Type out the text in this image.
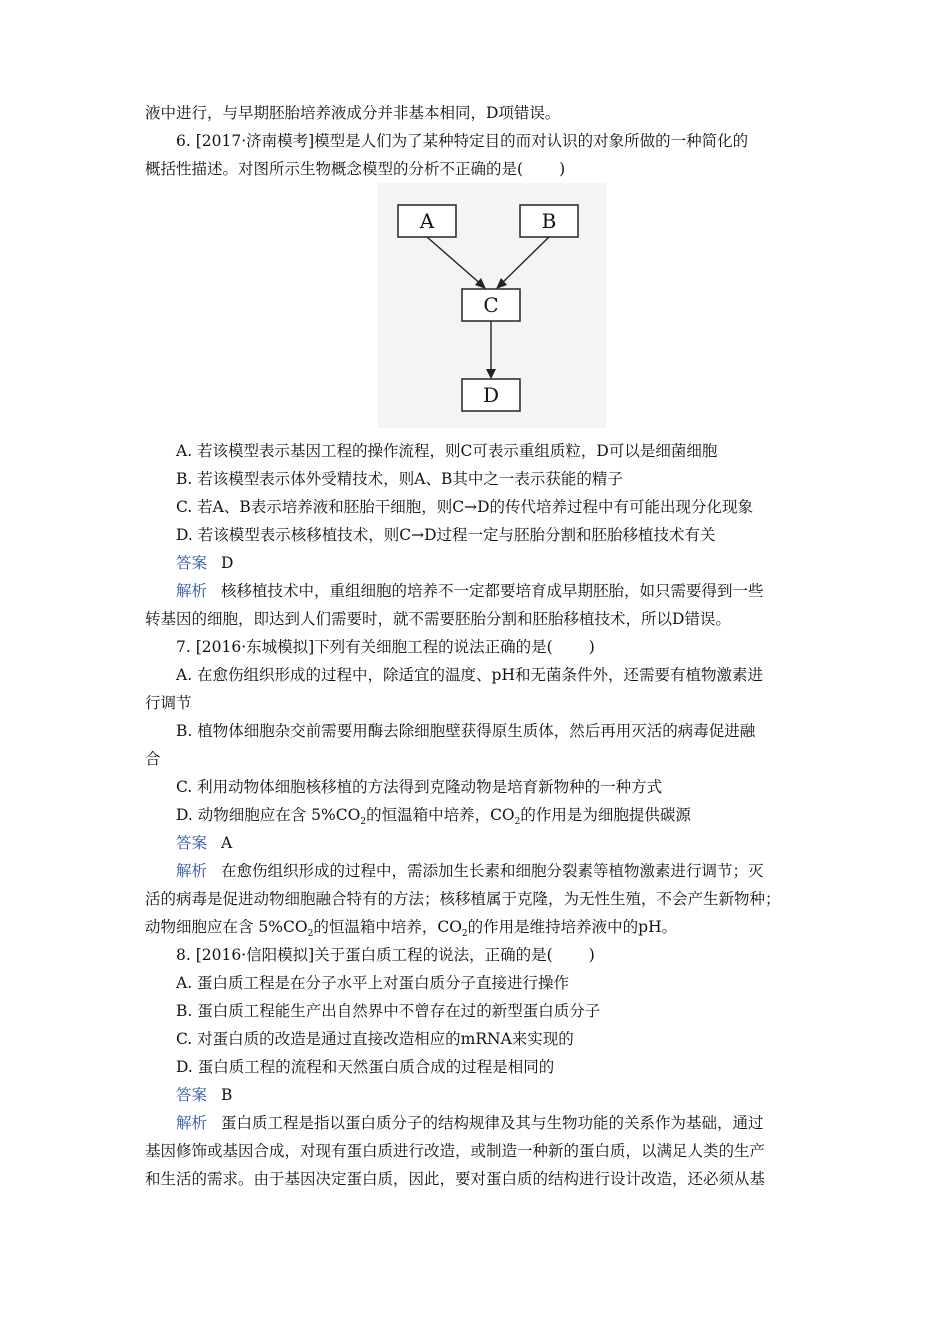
液中进行，与早期胚胎培养液成分并非基本相同，D项错误。
6. [2017·济南模考]模型是人们为了某种特定目的而对认识的对象所做的一种简化的
概括性描述。对图所示生物概念模型的分析不正确的是( )
A	B
C
D
A. 若该模型表示基因工程的操作流程，则C可表示重组质粒，D可以是细菌细胞
B. 若该模型表示体外受精技术，则A、B其中之一表示获能的精子
C. 若A、B表示培养液和胚胎干细胞，则C→D的传代培养过程中有可能出现分化现象
D. 若该模型表示核移植技术，则C→D过程一定与胚胎分割和胚胎移植技术有关
答案 D
解析 核移植技术中，重组细胞的培养不一定都要培育成早期胚胎，如只需要得到一些
转基因的细胞，即达到人们需要时，就不需要胚胎分割和胚胎移植技术，所以D错误。
7. [2016·东城模拟]下列有关细胞工程的说法正确的是( )
A. 在愈伤组织形成的过程中，除适宜的温度、pH和无菌条件外，还需要有植物激素进
行调节
B. 植物体细胞杂交前需要用酶去除细胞壁获得原生质体，然后再用灭活的病毒促进融
合
C. 利用动物体细胞核移植的方法得到克隆动物是培育新物种的一种方式
D. 动物细胞应在含 $5\%CO_2$的恒温箱中培养，$CO_2$的作用是为细胞提供碳源
答案 A
解析 在愈伤组织形成的过程中，需添加生长素和细胞分裂素等植物激素进行调节；灭
活的病毒是促进动物细胞融合特有的方法；核移植属于克隆，为无性生殖，不会产生新物种；
动物细胞应在含 $5\%CO_2$的恒温箱中培养，$CO_2$的作用是维持培养液中的pH。
8. [2016·信阳模拟]关于蛋白质工程的说法，正确的是( )
A. 蛋白质工程是在分子水平上对蛋白质分子直接进行操作
B. 蛋白质工程能生产出自然界中不曾存在过的新型蛋白质分子
C. 对蛋白质的改造是通过直接改造相应的mRNA来实现的
D. 蛋白质工程的流程和天然蛋白质合成的过程是相同的
答案 B
解析 蛋白质工程是指以蛋白质分子的结构规律及其与生物功能的关系作为基础，通过
基因修饰或基因合成，对现有蛋白质进行改造，或制造一种新的蛋白质，以满足人类的生产
和生活的需求。由于基因决定蛋白质，因此，要对蛋白质的结构进行设计改造，还必须从基
